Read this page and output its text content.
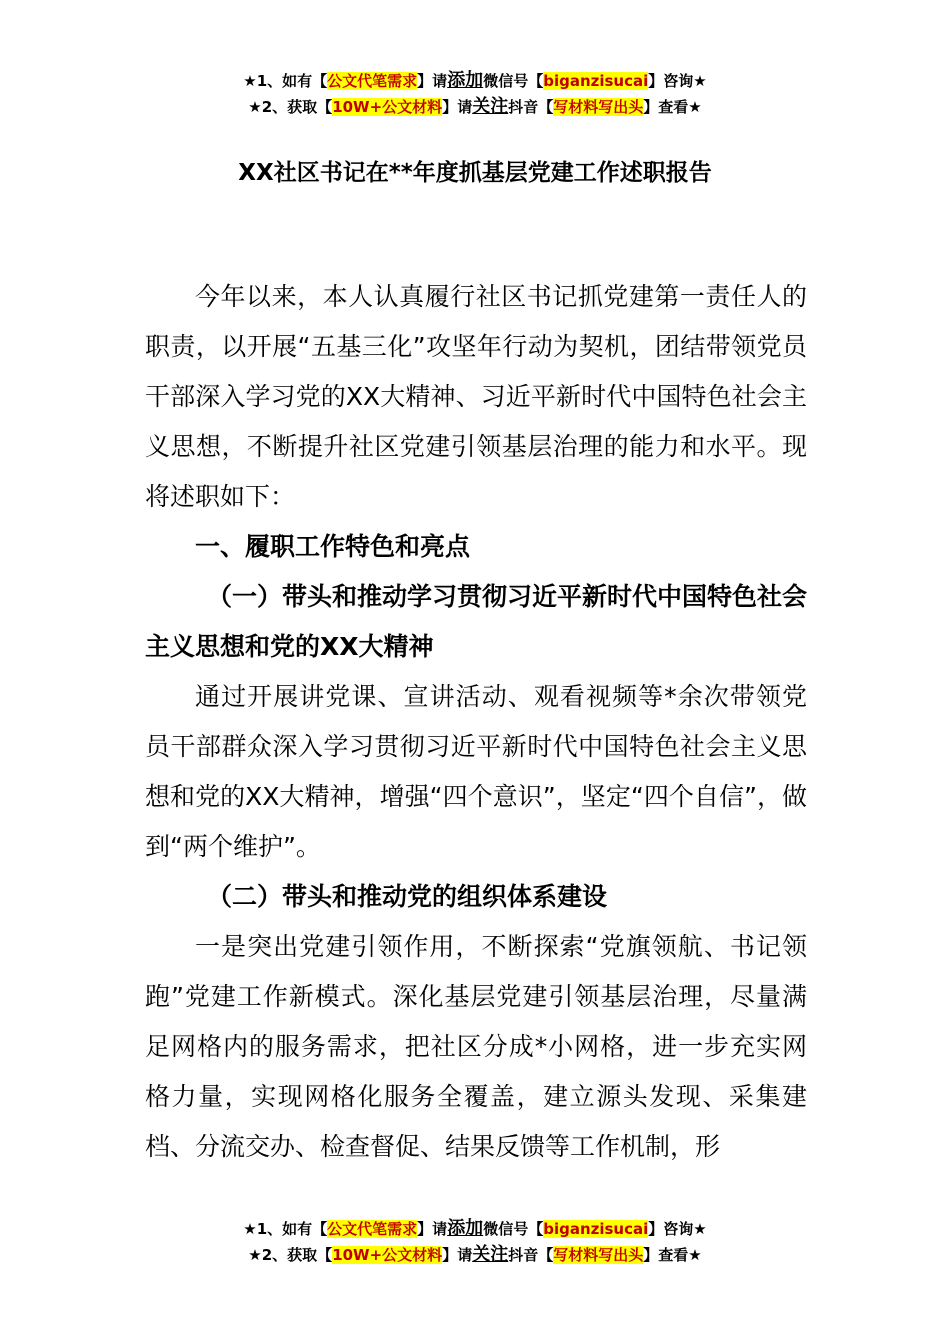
★1、如有【公文代笔需求】请添加微信号【biganzisucai】咨询★
★2、获取【10W+公文材料】请关注抖音【写材料写出头】查看★
XX社区书记在**年度抓基层党建工作述职报告

今年以来，本人认真履行社区书记抓党建第一责任人的职责，以开展“五基三化”攻坚年行动为契机，团结带领党员干部深入学习党的XX大精神、习近平新时代中国特色社会主义思想，不断提升社区党建引领基层治理的能力和水平。现将述职如下：

一、履职工作特色和亮点

（一）带头和推动学习贯彻习近平新时代中国特色社会主义思想和党的XX大精神

通过开展讲党课、宣讲活动、观看视频等*余次带领党员干部群众深入学习贯彻习近平新时代中国特色社会主义思想和党的XX大精神，增强“四个意识”，坚定“四个自信”，做到“两个维护”。

（二）带头和推动党的组织体系建设

一是突出党建引领作用，不断探索“党旗领航、书记领跑”党建工作新模式。深化基层党建引领基层治理，尽量满足网格内的服务需求，把社区分成*小网格，进一步充实网格力量，实现网格化服务全覆盖，建立源头发现、采集建档、分流交办、检查督促、结果反馈等工作机制，形

★1、如有【公文代笔需求】请添加微信号【biganzisucai】咨询★
★2、获取【10W+公文材料】请关注抖音【写材料写出头】查看★
